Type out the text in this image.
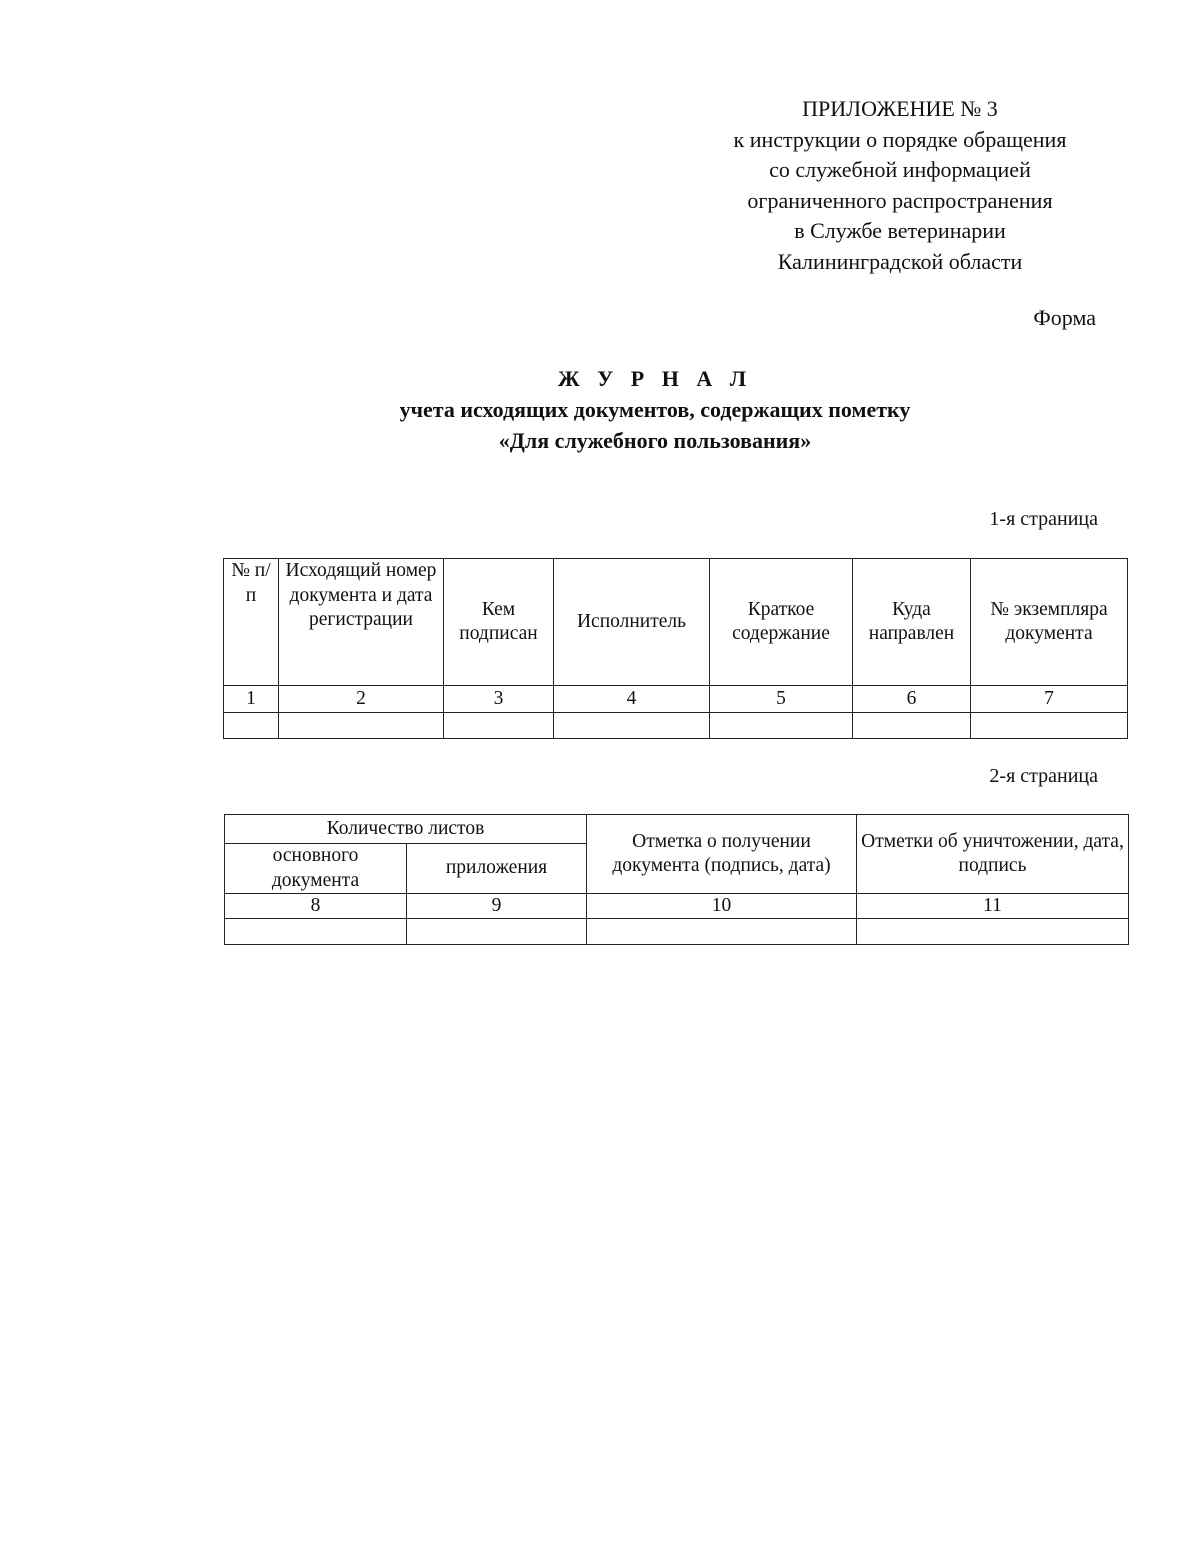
ПРИЛОЖЕНИЕ № 3
к инструкции о порядке обращения
со служебной информацией
ограниченного распространения
в Службе ветеринарии
Калининградской области
Форма
Ж У Р Н А Л
учета исходящих документов, содержащих пометку
«Для служебного пользования»
1-я страница
№ п/п	Исходящий номер документа и дата регистрации	Кем подписан	Исполнитель	Краткое содержание	Куда направлен	№ экземпляра документа
1	2	3	4	5	6	7

2-я страница
Количество листов		Отметка о получении документа (подпись, дата)	Отметки об уничтожении, дата, подпись
основного документа	приложения		
8	9	10	11
